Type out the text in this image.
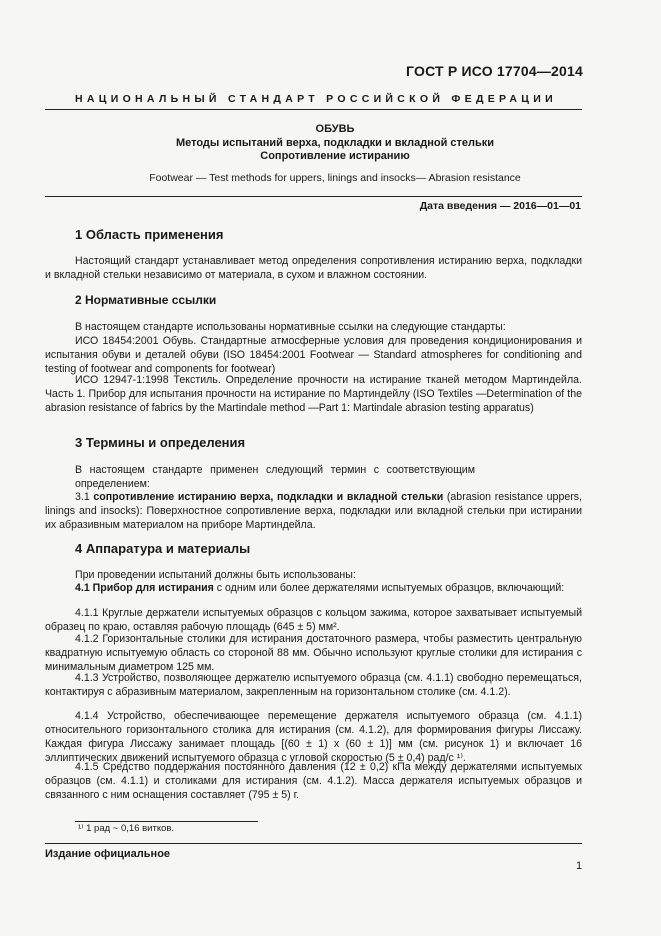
ГОСТ Р ИСО 17704—2014
НАЦИОНАЛЬНЫЙ СТАНДАРТ РОССИЙСКОЙ ФЕДЕРАЦИИ
ОБУВЬ
Методы испытаний верха, подкладки и вкладной стельки
Сопротивление истиранию
Footwear — Test methods for uppers, linings and insocks— Abrasion resistance
Дата введения — 2016—01—01
1 Область применения

Настоящий стандарт устанавливает метод определения сопротивления истиранию верха, подкладки и вкладной стельки независимо от материала, в сухом и влажном состоянии.

2 Нормативные ссылки

В настоящем стандарте использованы нормативные ссылки на следующие стандарты:

ИСО 18454:2001 Обувь. Стандартные атмосферные условия для проведения кондиционирования и испытания обуви и деталей обуви (ISO 18454:2001 Footwear — Standard atmospheres for conditioning and testing of footwear and components for footwear)

ИСО 12947-1:1998 Текстиль. Определение прочности на истирание тканей методом Мартиндейла. Часть 1. Прибор для испытания прочности на истирание по Мартиндейлу (ISO Textiles —Determination of the abrasion resistance of fabrics by the Martindale method —Part 1: Martindale abrasion testing apparatus)

3 Термины и определения

В настоящем стандарте применен следующий термин с соответствующим определением:

3.1 сопротивление истиранию верха, подкладки и вкладной стельки (abrasion resistance uppers, linings and insocks): Поверхностное сопротивление верха, подкладки или вкладной стельки при истирании их абразивным материалом на приборе Мартиндейла.

4 Аппаратура и материалы

При проведении испытаний должны быть использованы:

4.1 Прибор для истирания с одним или более держателями испытуемых образцов, включающий:

4.1.1 Круглые держатели испытуемых образцов с кольцом зажима, которое захватывает испытуемый образец по краю, оставляя рабочую площадь (645 ± 5) мм².

4.1.2 Горизонтальные столики для истирания достаточного размера, чтобы разместить центральную квадратную испытуемую область со стороной 88 мм. Обычно используют круглые столики для истирания с минимальным диаметром 125 мм.

4.1.3 Устройство, позволяющее держателю испытуемого образца (см. 4.1.1) свободно перемещаться, контактируя с абразивным материалом, закрепленным на горизонтальном столике (см. 4.1.2).

4.1.4 Устройство, обеспечивающее перемещение держателя испытуемого образца (см. 4.1.1) относительного горизонтального столика для истирания (см. 4.1.2), для формирования фигуры Лиссажу. Каждая фигура Лиссажу занимает площадь [(60 ± 1) х (60 ± 1)] мм (см. рисунок 1) и включает 16 эллиптических движений испытуемого образца с угловой скоростью (5 ± 0,4) рад/с ¹⁾.

4.1.5 Средство поддержания постоянного давления (12 ± 0,2) кПа между держателями испытуемых образцов (см. 4.1.1) и столиками для истирания (см. 4.1.2). Масса держателя испытуемых образцов и связанного с ним оснащения составляет (795 ± 5) г.

¹⁾ 1 рад ~ 0,16 витков.
Издание официальное
1
